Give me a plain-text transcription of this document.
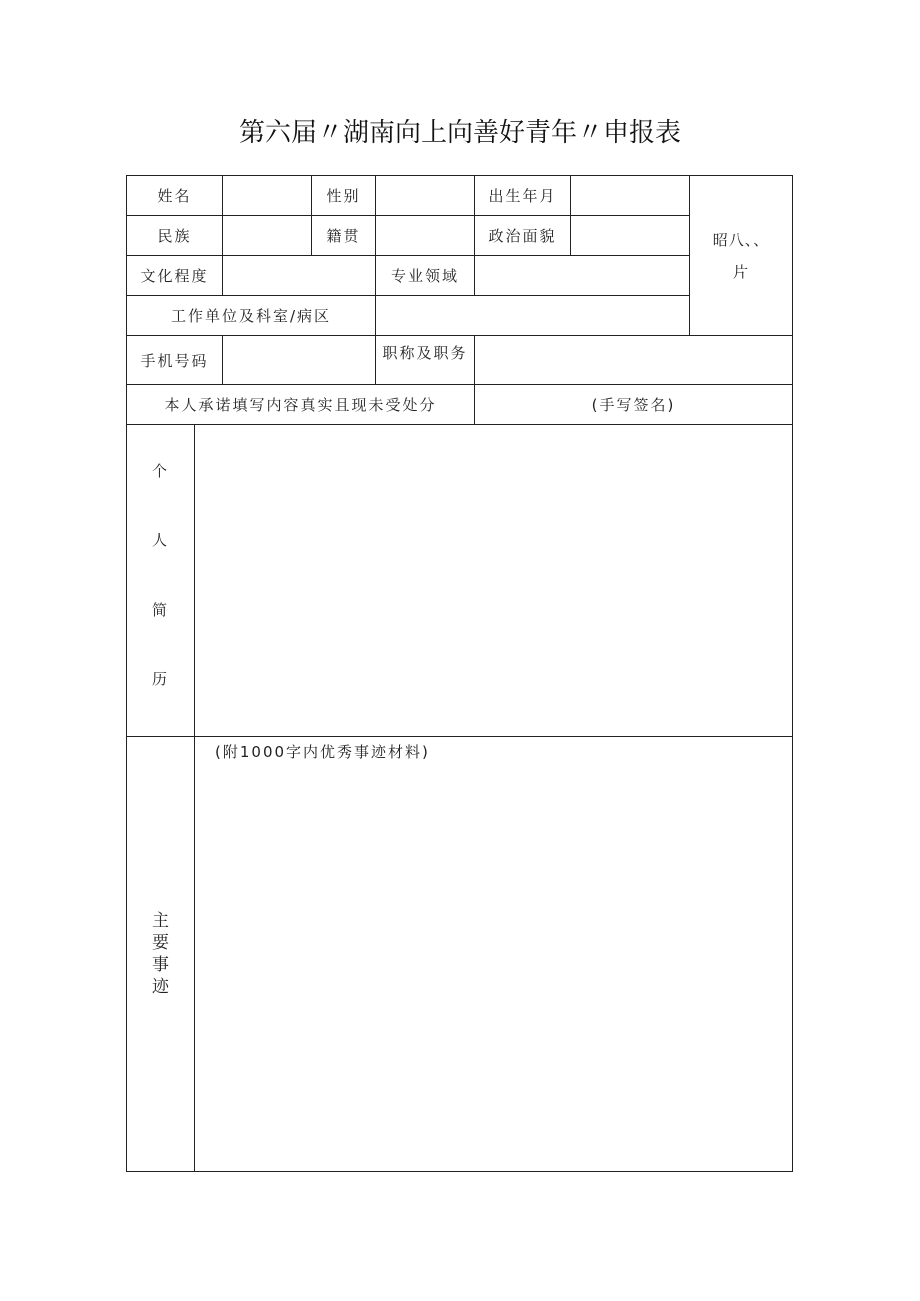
第六届〃湖南向上向善好青年〃申报表
姓名	性别	出生年月
昭八、、
片
民族	籍贯	政治面貌
文化程度	专业领域
工作单位及科室/病区
手机号码	职称及职务
本人承诺填写内容真实且现未受处分	(手写签名)
个
人
简
历
主
要
事
迹
(附1000字内优秀事迹材料)
